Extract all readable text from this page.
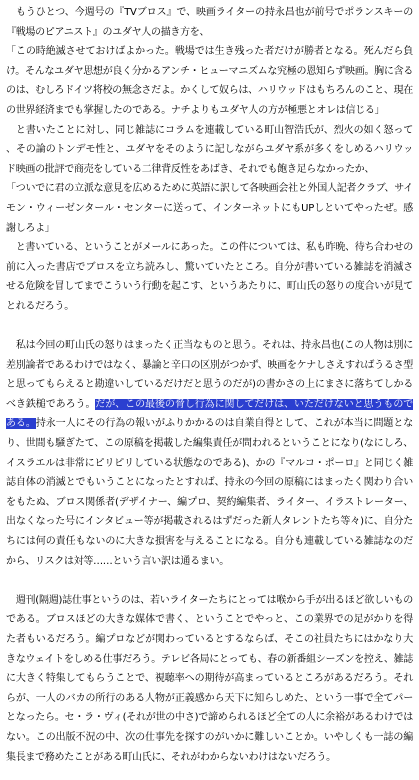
　もうひとつ、今週号の『TVブロス』で、映画ライターの持永昌也が前号でポランスキーの『戦場のピアニスト』のユダヤ人の描き方を、
「この時絶滅させておけばよかった。戦場では生き残った者だけが勝者となる。死んだら負け。そんなユダヤ思想が良く分かるアンチ・ヒューマニズムな究極の恩知らず映画。胸に含るのは、むしろドイツ将校の無念さだよ。かくして奴らは、ハリウッドはもちろんのこと、現在の世界経済までも掌握したのである。ナチよりもユダヤ人の方が極悪とオレは信じる」
　と書いたことに対し、同じ雑誌にコラムを連載している町山智浩氏が、烈火の如く怒って、その論のトンデモ性と、ユダヤをそのように記しながらユダヤ系が多くをしめるハリウッド映画の批評で商売をしている二律背反性をあばき、それでも飽き足らなかったか、

「ついでに君の立派な意見を広めるために英語に訳して各映画会社と外国人記者クラブ、サイモン・ウィーゼンタール・センターに送って、インターネットにもUPしといてやったぜ。感謝しろよ」
　と書いている、ということがメールにあった。この件については、私も昨晩、待ち合わせの前に入った書店でブロスを立ち読みし、驚いていたところ。自分が書いている雑誌を消滅させる危険を冒してまでこういう行動を起こす、というあたりに、町山氏の怒りの度合いが見てとれるだろう。

　私は今回の町山氏の怒りはまったく正当なものと思う。それは、持永昌也(この人物は別に差別論者であるわけではなく、暴論と辛口の区別がつかず、映画をケナしさえすればうるさ型と思ってもらえると勘違いしているだけだと思うのだが)の書かさの上にまさに落ちてしかるべき鉄槌であろう。だが、この最後の脅し行為に関してだけは、いただけないと思うものである。持永一人にその行為の報いがふりかかるのは自業自得として、これが本当に問題となり、世間も騒ぎたて、この原稿を掲載した編集責任が問われるということになり(なにしろ、イスラエルは非常にピリピリしている状態なのである)、かの『マルコ・ポーロ』と同じく雑誌自体の消滅とでもいうことになったとすれば、持永の今回の原稿にはまったく関わり合いをもたぬ、ブロス関係者(デザイナー、編プロ、契約編集者、ライター、イラストレーター、出なくなった号にインタビュー等が掲載されるはずだった新人タレントたち等々)に、自分たちには何の責任もないのに大きな損害を与えることになる。自分も連載している雑誌なのだから、リスクは対等……という言い訳は通るまい。

　週刊(隔週)誌仕事というのは、若いライターたちにとっては喉から手が出るほど欲しいものである。ブロスほどの大きな媒体で書く、ということでやっと、この業界での足がかりを得た者もいるだろう。編プロなどが関わっているとするならば、そこの社員たちにはかなり大きなウェイトをしめる仕事だろう。テレビ各局にとっても、春の新番組シーズンを控え、雑誌に大きく特集してもらうことで、視聴率への期待が高まっているところがあるだろう。それらが、一人のバカの所行のある人物が正義感から天下に知らしめた、という一事で全てパーとなったら。セ・ラ・ヴィ(それが世の中さ)で諦められるほど全ての人に余裕があるわけではない。この出版不況の中、次の仕事先を探すのがいかに難しいことか。いやしくも一誌の編集長まで務めたことがある町山氏に、それがわからないわけはないだろう。
